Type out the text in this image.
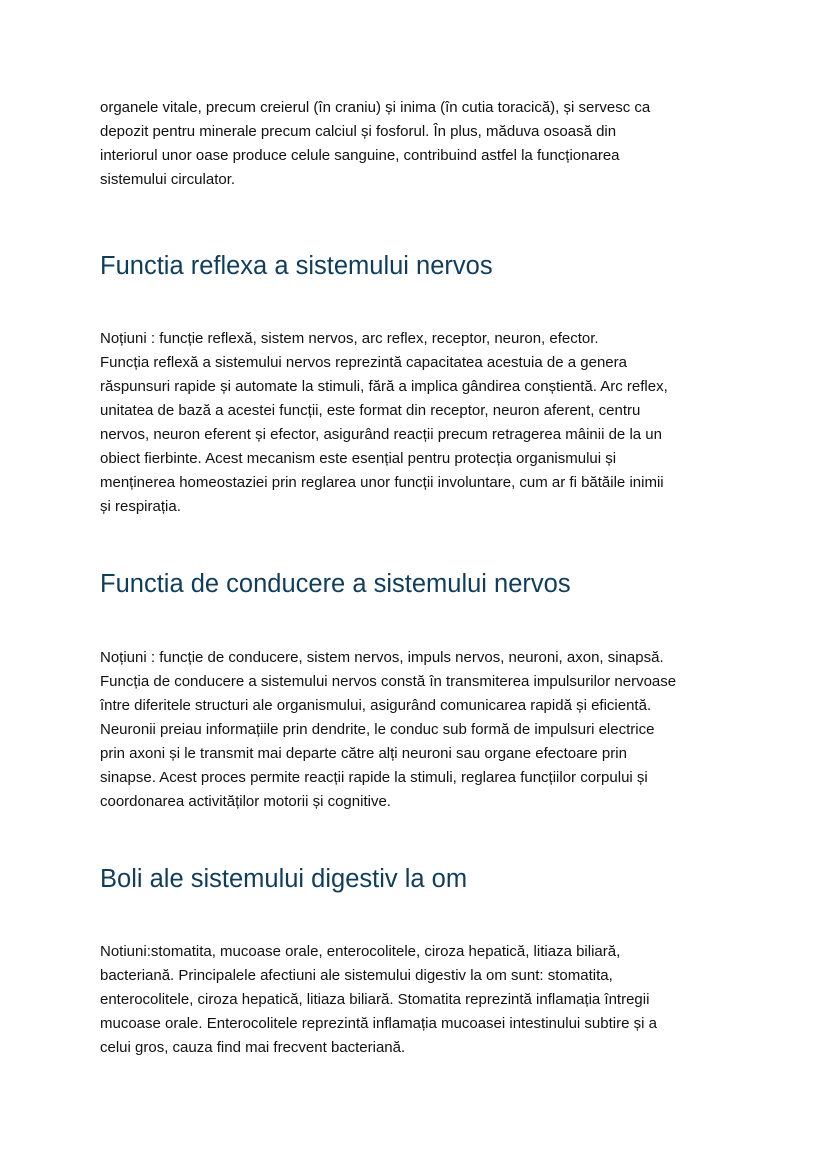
organele vitale, precum creierul (în craniu) și inima (în cutia toracică), și servesc ca
depozit pentru minerale precum calciul și fosforul. În plus, măduva osoasă din
interiorul unor oase produce celule sanguine, contribuind astfel la funcționarea
sistemului circulator.

Functia reflexa a sistemului nervos

Noțiuni : funcție reflexă, sistem nervos, arc reflex, receptor, neuron, efector.
Funcția reflexă a sistemului nervos reprezintă capacitatea acestuia de a genera
răspunsuri rapide și automate la stimuli, fără a implica gândirea conștientă. Arc reflex,
unitatea de bază a acestei funcții, este format din receptor, neuron aferent, centru
nervos, neuron eferent și efector, asigurând reacții precum retragerea mâinii de la un
obiect fierbinte. Acest mecanism este esențial pentru protecția organismului și
menținerea homeostaziei prin reglarea unor funcții involuntare, cum ar fi bătăile inimii
și respirația.

Functia de conducere a sistemului nervos

Noțiuni : funcție de conducere, sistem nervos, impuls nervos, neuroni, axon, sinapsă.
Funcția de conducere a sistemului nervos constă în transmiterea impulsurilor nervoase
între diferitele structuri ale organismului, asigurând comunicarea rapidă și eficientă.
Neuronii preiau informațiile prin dendrite, le conduc sub formă de impulsuri electrice
prin axoni și le transmit mai departe către alți neuroni sau organe efectoare prin
sinapse. Acest proces permite reacții rapide la stimuli, reglarea funcțiilor corpului și
coordonarea activităților motorii și cognitive.

Boli ale sistemului digestiv la om

Notiuni:stomatita, mucoase orale, enterocolitele, ciroza hepatică, litiaza biliară,
bacteriană. Principalele afectiuni ale sistemului digestiv la om sunt: stomatita,
enterocolitele, ciroza hepatică, litiaza biliară. Stomatita reprezintă inflamația întregii
mucoase orale. Enterocolitele reprezintă inflamația mucoasei intestinului subtire și a
celui gros, cauza find mai frecvent bacteriană.
